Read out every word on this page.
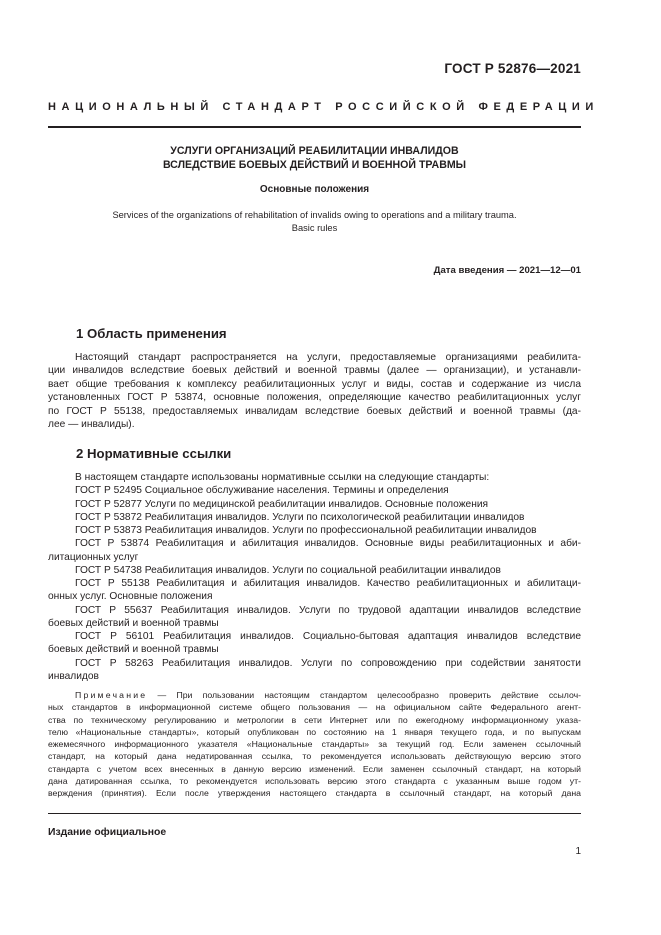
ГОСТ Р 52876—2021
НАЦИОНАЛЬНЫЙ СТАНДАРТ РОССИЙСКОЙ ФЕДЕРАЦИИ
УСЛУГИ ОРГАНИЗАЦИЙ РЕАБИЛИТАЦИИ ИНВАЛИДОВ
ВСЛЕДСТВИЕ БОЕВЫХ ДЕЙСТВИЙ И ВОЕННОЙ ТРАВМЫ
Основные положения
Services of the organizations of rehabilitation of invalids owing to operations and a military trauma.
Basic rules
Дата введения — 2021—12—01
1 Область применения
Настоящий стандарт распространяется на услуги, предоставляемые организациями реабилита-
ции инвалидов вследствие боевых действий и военной травмы (далее — организации), и устанавли-
вает общие требования к комплексу реабилитационных услуг и виды, состав и содержание из числа
установленных ГОСТ Р 53874, основные положения, определяющие качество реабилитационных услуг
по ГОСТ Р 55138, предоставляемых инвалидам вследствие боевых действий и военной травмы (да-
лее — инвалиды).
2 Нормативные ссылки
В настоящем стандарте использованы нормативные ссылки на следующие стандарты:
ГОСТ Р 52495 Социальное обслуживание населения. Термины и определения
ГОСТ Р 52877 Услуги по медицинской реабилитации инвалидов. Основные положения
ГОСТ Р 53872 Реабилитация инвалидов. Услуги по психологической реабилитации инвалидов
ГОСТ Р 53873 Реабилитация инвалидов. Услуги по профессиональной реабилитации инвалидов
ГОСТ Р 53874 Реабилитация и абилитация инвалидов. Основные виды реабилитационных и аби-
литационных услуг
ГОСТ Р 54738 Реабилитация инвалидов. Услуги по социальной реабилитации инвалидов
ГОСТ Р 55138 Реабилитация и абилитация инвалидов. Качество реабилитационных и абилитаци-
онных услуг. Основные положения
ГОСТ Р 55637 Реабилитация инвалидов. Услуги по трудовой адаптации инвалидов вследствие
боевых действий и военной травмы
ГОСТ Р 56101 Реабилитация инвалидов. Социально-бытовая адаптация инвалидов вследствие
боевых действий и военной травмы
ГОСТ Р 58263 Реабилитация инвалидов. Услуги по сопровождению при содействии занятости
инвалидов
Примечание — При пользовании настоящим стандартом целесообразно проверить действие ссылоч-
ных стандартов в информационной системе общего пользования — на официальном сайте Федерального агент-
ства по техническому регулированию и метрологии в сети Интернет или по ежегодному информационному указа-
телю «Национальные стандарты», который опубликован по состоянию на 1 января текущего года, и по выпускам
ежемесячного информационного указателя «Национальные стандарты» за текущий год. Если заменен ссылочный
стандарт, на который дана недатированная ссылка, то рекомендуется использовать действующую версию этого
стандарта с учетом всех внесенных в данную версию изменений. Если заменен ссылочный стандарт, на который
дана датированная ссылка, то рекомендуется использовать версию этого стандарта с указанным выше годом ут-
верждения (принятия). Если после утверждения настоящего стандарта в ссылочный стандарт, на который дана
Издание официальное
1
